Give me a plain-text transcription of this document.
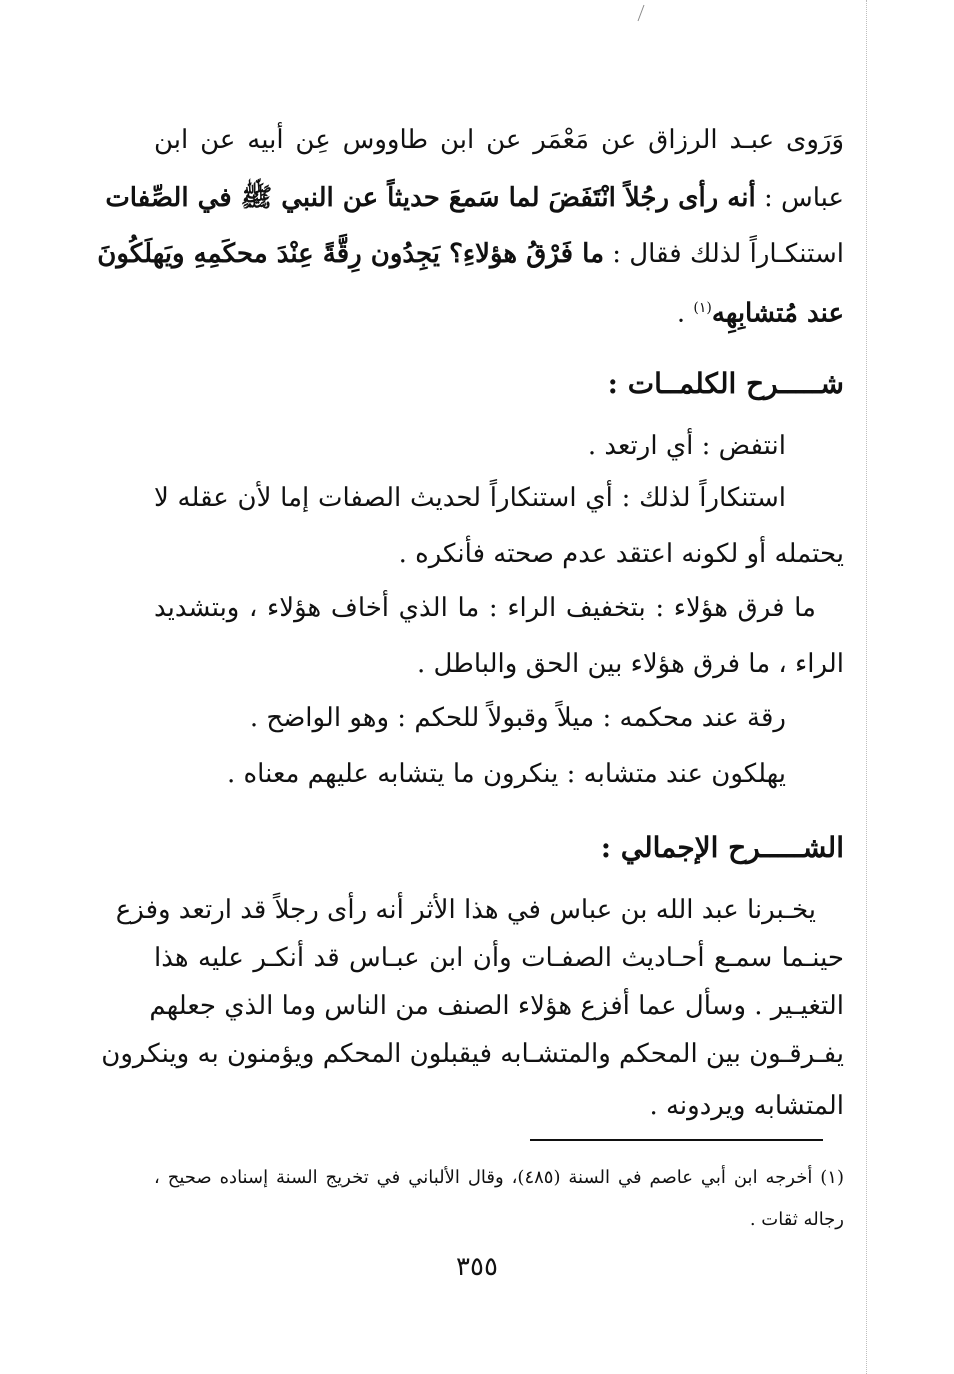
وَرَوى عبـد الرزاق عن مَعْمَر عن ابن طاووس عِن أبيه عن ابن
عباس : أنه رأى رجُلاً انْتَفَضَ لما سَمعَ حديثاً عن النبي ﷺ في الصِّفات
استنكـاراً لذلك فقال : ما فَرْقُ هؤلاءِ؟ يَجِدُون رِقَّةً عِنْدَ محكَمِهِ ويَهلَكُونَ
عند مُتشابِهِه$^{(١)}$ .
شـــــرح الكلمــات :
انتفض : أي ارتعد .
استنكاراً لذلك : أي استنكاراً لحديث الصفات إما لأن عقله لا
يحتمله أو لكونه اعتقد عدم صحته فأنكره .
ما فرق هؤلاء : بتخفيف الراء : ما الذي أخاف هؤلاء ، وبتشديد
الراء ، ما فرق هؤلاء بين الحق والباطل .
رقة عند محكمه : ميلاً وقبولاً للحكم : وهو الواضح .
يهلكون عند متشابه : ينكرون ما يتشابه عليهم معناه .
الشـــــرح الإجمالي :
يخـبرنا عبد الله بن عباس في هذا الأثر أنه رأى رجلاً قد ارتعد وفزع
حينـما سمـع أحـاديث الصفـات وأن ابن عبـاس قد أنكـر عليه هذا
التغيـير . وسأل عما أفزع هؤلاء الصنف من الناس وما الذي جعلهم
يفـرقـون بين المحكم والمتشـابه فيقبلون المحكم ويؤمنون به وينكرون
المتشابه ويردونه .
(١) أخرجه ابن أبي عاصم في السنة (٤٨٥)، وقال الألباني في تخريج السنة إسناده صحيح ،
رجاله ثقات .
٣٥٥
